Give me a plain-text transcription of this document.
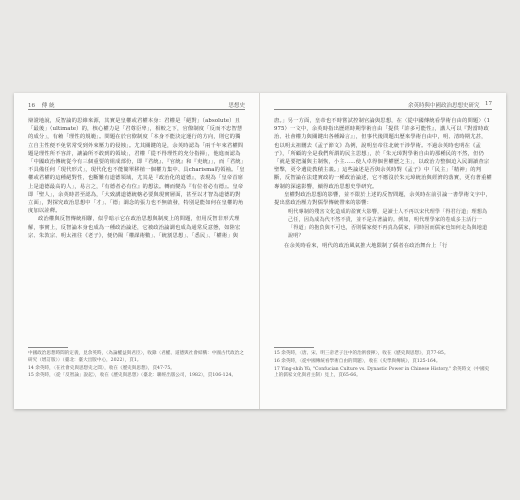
16 傳 統	思想史

辯證地說，反智論的思維來源，其實是皇權或君權本身：君權是「絕對」（absolute）且「最後」（ultimate）的，核心權力是「君尊臣卑」，相較之下，官僚制度「反而不忠智慧的成分」，有賴「理性的規範」。問題在於官僚制度「本身不能決定運行的方向，則它的獨立自主性便不免常常受到外來壓力的侵蝕」。尤其關鍵的是，余英時認為「兩千年來君權問題是理性所不容許，讓論所不敢到的領域」，君權「從不得理性的充分指揮」，他進而認為「中國政治傳統從今有三個重要的組成部份，即『君統』、『官統』和『吏統』」，而「君統」不具備任何「現代形式」，現代化也不能簡單移植一個權力集中、具charisma的領袖。「皇權或君權的這種絕對性，也斷難有道德領域，尤其是『政治化的道德』，表現為「皇帝首席上是道德最高的人」，易言之，『有德者必有位』的想法。轉而變為『有位者必有德』。皇帝即「聖人」，余英時甚至認為，「大致講道德統轄必要與現實層面，甚至以才智為道德的對立面」，對探究政治思想中「才」、「德」調念的張力也不無啟發，特別是能如何在皇權的角度加以詮釋。

政治權與反智傳統相聯，似乎暗示它在政治思想與制度上的問題，但用反智非形式理解，事實上，反智論本身也成為一種政治論述，它被政治論調也成為通常反意態，如陸宏宗、朱敦宗、明太祖往《老子》，便仍陽「權謀術數」、「統割思想」、「悉民」、「權術」與

中國政治思想時間的定義，見余英時，〈為論權益與君臣〉，收錄〈君權、道德與社會結構：中國古代政治之研究（增訂版）〉（臺北：臺大出版中心，2022），頁1。
14 余英時，〈在社會史與思想史之間〉，收在《歷史與思想》，頁47-75。
15 余英時，〈從「反智論」說起〉，收在《歷史與思想》（臺北：聯經出版公司，1982），頁106-124。
余英時與中國政治思想史研究 17

唐。」另一方面，皇帝也不時嘗試控制官論與思想，在〈從中國傳統看學術自由的問題〉（1975）一文中，余英時指出歷經時期學術自由「提供『許多可能性』，講人可以『對當時政治、社會權力與關鍵出各種歸言』」，但事代後問題出歷來學術自由中，明、清時期尤甚，也以明太祖刪去《孟子節文》為例，說明皇帝往北統干涉學術。不過余英時也明在《孟子》，「所顧的全是我們所謂的民主思想」，於「朱元璋對學術自由的那種民的不然，但仍「就是要把滿與主制恢，小主……使人卓得個世權歷之主」，以政治力整個迫入民調讀查宗聖擊，更令遺徒教積主義。」這些論述是否與余英時對《孟子》中「民主」「精神」的判斷，反智論在法建實政的一種政治論述，它不應沒於朱元璋統治與經濟的落實，更有著重權專制的深遠影響，續得政治思想史學研究。

皇權對政治思想的影響，並不限於上述的反智問題，余英時在前引論一書學術文字中，提出當政治壓力對儒學傳統帶來的影響：

明代專制的殘害文化造成的盈實大影響，是讀士人不再以宋代理學「得君行道」理想為己任，因為成為代不然不貴，並不是古著論的。例如，明代理學家的卷成多主活行一「得道」的抱負與不可也，否則儒家便不再真為儒家，同時因而儒家也知何走為與地道說明？

在余英時看來，明代的政治風氣推大地限制了儒者在政治舞台上「行

15 余英時，〈唐、宋、明三帝老子注中的治術發揮〉，收在《歷史與思想》，頁77-85。
16 余英時，〈從中國傳統看學術自由的問題〉，收在《史學與傳統》，頁125-164。
17 Ying-shih Yü, "Confucian Culture vs. Dynastic Power in Chinese History," 余英時文（中國史上的儒家文化與君主制）見上，頁65-66。
